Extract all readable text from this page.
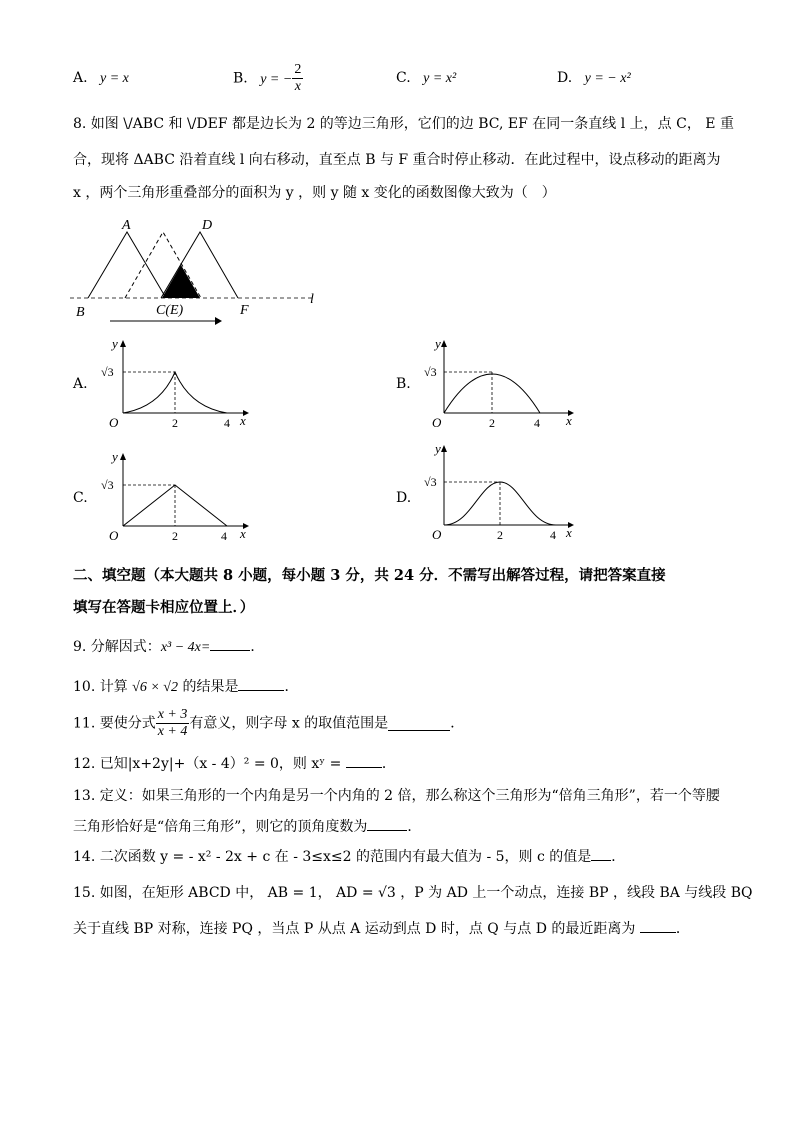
A. y = x	B. y = − $\frac{2}{x}$	C. y = x²	D. y = − x²
8. 如图 \/ABC 和 \/DEF 都是边长为 2 的等边三角形，它们的边 BC, EF 在同一条直线 l 上，点 C， E 重
合，现将 ΔABC 沿着直线 l 向右移动，直至点 B 与 F 重合时停止移动．在此过程中，设点移动的距离为
x ，两个三角形重叠部分的面积为 y ，则 y 随 x 变化的函数图像大致为（　）
A	D
B	C(E)	F
l
A.
y
x
O
√3
2	4
B.
y
x
O
√3
2	4
C.
y
x
O
√3
2	4
D.
y
x
O
√3
2	4
二、填空题（本大题共 8 小题，每小题 3 分，共 24 分．不需写出解答过程，请把答案直接
填写在答题卡相应位置上．）
9. 分解因式：x³ − 4x=	．
10. 计算 √6 × √2 的结果是	．
11. 要使分式 $\frac{x + 3}{x + 4}$ 有意义，则字母 x 的取值范围是	．
12. 已知|x+2y|+（x - 4）² = 0，则 xʸ =	．
13. 定义：如果三角形的一个内角是另一个内角的 2 倍，那么称这个三角形为“倍角三角形”，若一个等腰
三角形恰好是“倍角三角形”，则它的顶角度数为	．
14. 二次函数 y = - x² - 2x + c 在 - 3≤x≤2 的范围内有最大值为 - 5，则 c 的值是 ．
15. 如图，在矩形 ABCD 中， AB = 1， AD = √3 ，P 为 AD 上一个动点，连接 BP ，线段 BA 与线段 BQ
关于直线 BP 对称，连接 PQ ，当点 P 从点 A 运动到点 D 时，点 Q 与点 D 的最近距离为	．
